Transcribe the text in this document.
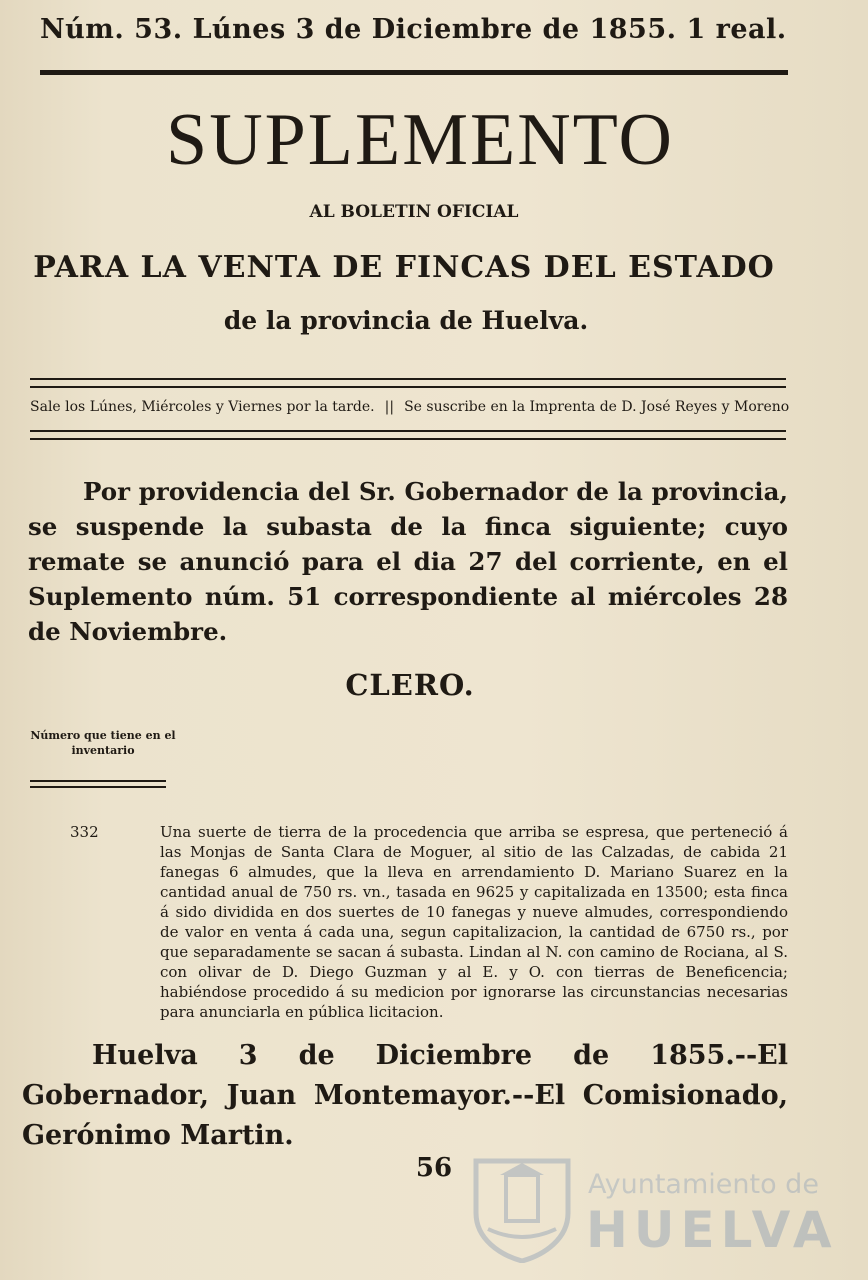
Núm. 53. Lúnes 3 de Diciembre de 1855. 1 real.
SUPLEMENTO
AL BOLETIN OFICIAL
PARA LA VENTA DE FINCAS DEL ESTADO
de la provincia de Huelva.
Sale los Lúnes, Miércoles y Viernes por la tarde. || Se suscribe en la Imprenta de D. José Reyes y Moreno
Por providencia del Sr. Gobernador de la provincia, se suspende la subasta de la finca siguiente; cuyo remate se anunció para el dia 27 del corriente, en el Suplemento núm. 51 correspondiente al miércoles 28 de Noviembre.
CLERO.
Número que tiene en el inventario
332	Una suerte de tierra de la procedencia que arriba se espresa, que perteneció á las Monjas de Santa Clara de Moguer, al sitio de las Calzadas, de cabida 21 fanegas 6 almudes, que la lleva en arrendamiento D. Mariano Suarez en la cantidad anual de 750 rs. vn., tasada en 9625 y capitalizada en 13500; esta finca á sido dividida en dos suertes de 10 fanegas y nueve almudes, correspondiendo de valor en venta á cada una, segun capitalizacion, la cantidad de 6750 rs., por que separadamente se sacan á subasta. Lindan al N. con camino de Rociana, al S. con olivar de D. Diego Guzman y al E. y O. con tierras de Beneficencia; habiéndose procedido á su medicion por ignorarse las circunstancias necesarias para anunciarla en pública licitacion.
Huelva 3 de Diciembre de 1855.--El Gobernador, Juan Montemayor.--El Comisionado, Gerónimo Martin.
56
Ayuntamiento de
HUELVA
